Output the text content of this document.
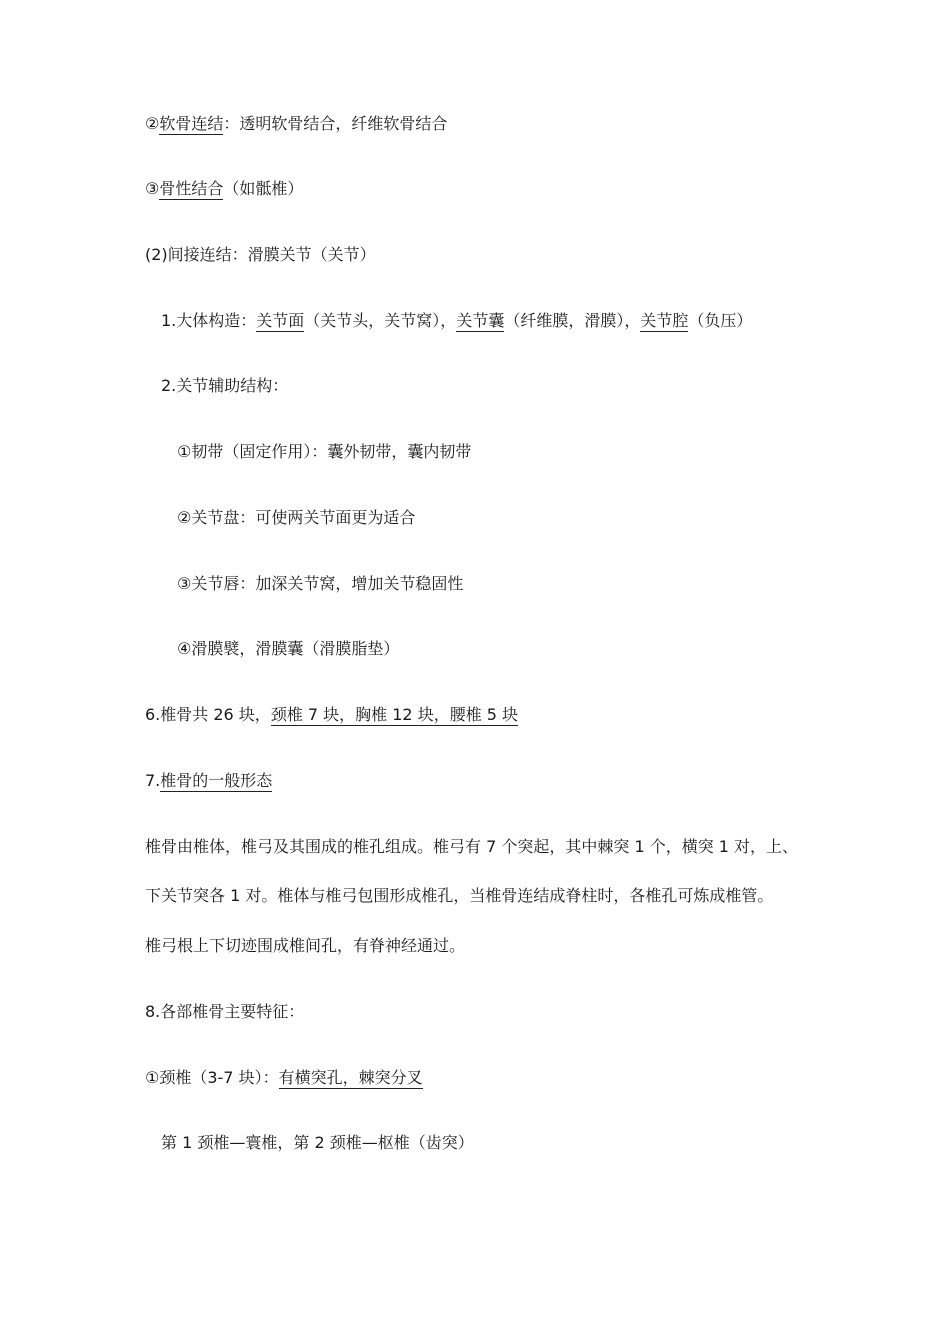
②软骨连结：透明软骨结合，纤维软骨结合
③骨性结合（如骶椎）
(2)间接连结：滑膜关节（关节）
1.大体构造：关节面（关节头，关节窝），关节囊（纤维膜，滑膜），关节腔（负压）
2.关节辅助结构：
①韧带（固定作用）：囊外韧带，囊内韧带
②关节盘：可使两关节面更为适合
③关节唇：加深关节窝，增加关节稳固性
④滑膜襞，滑膜囊（滑膜脂垫）
6.椎骨共 26 块，颈椎 7 块，胸椎 12 块，腰椎 5 块
7.椎骨的一般形态
椎骨由椎体，椎弓及其围成的椎孔组成。椎弓有 7 个突起，其中棘突 1 个，横突 1 对，上、
下关节突各 1 对。椎体与椎弓包围形成椎孔，当椎骨连结成脊柱时，各椎孔可炼成椎管。
椎弓根上下切迹围成椎间孔，有脊神经通过。
8.各部椎骨主要特征：
①颈椎（3-7 块）：有横突孔，棘突分叉
第 1 颈椎—寰椎，第 2 颈椎—枢椎（齿突）
